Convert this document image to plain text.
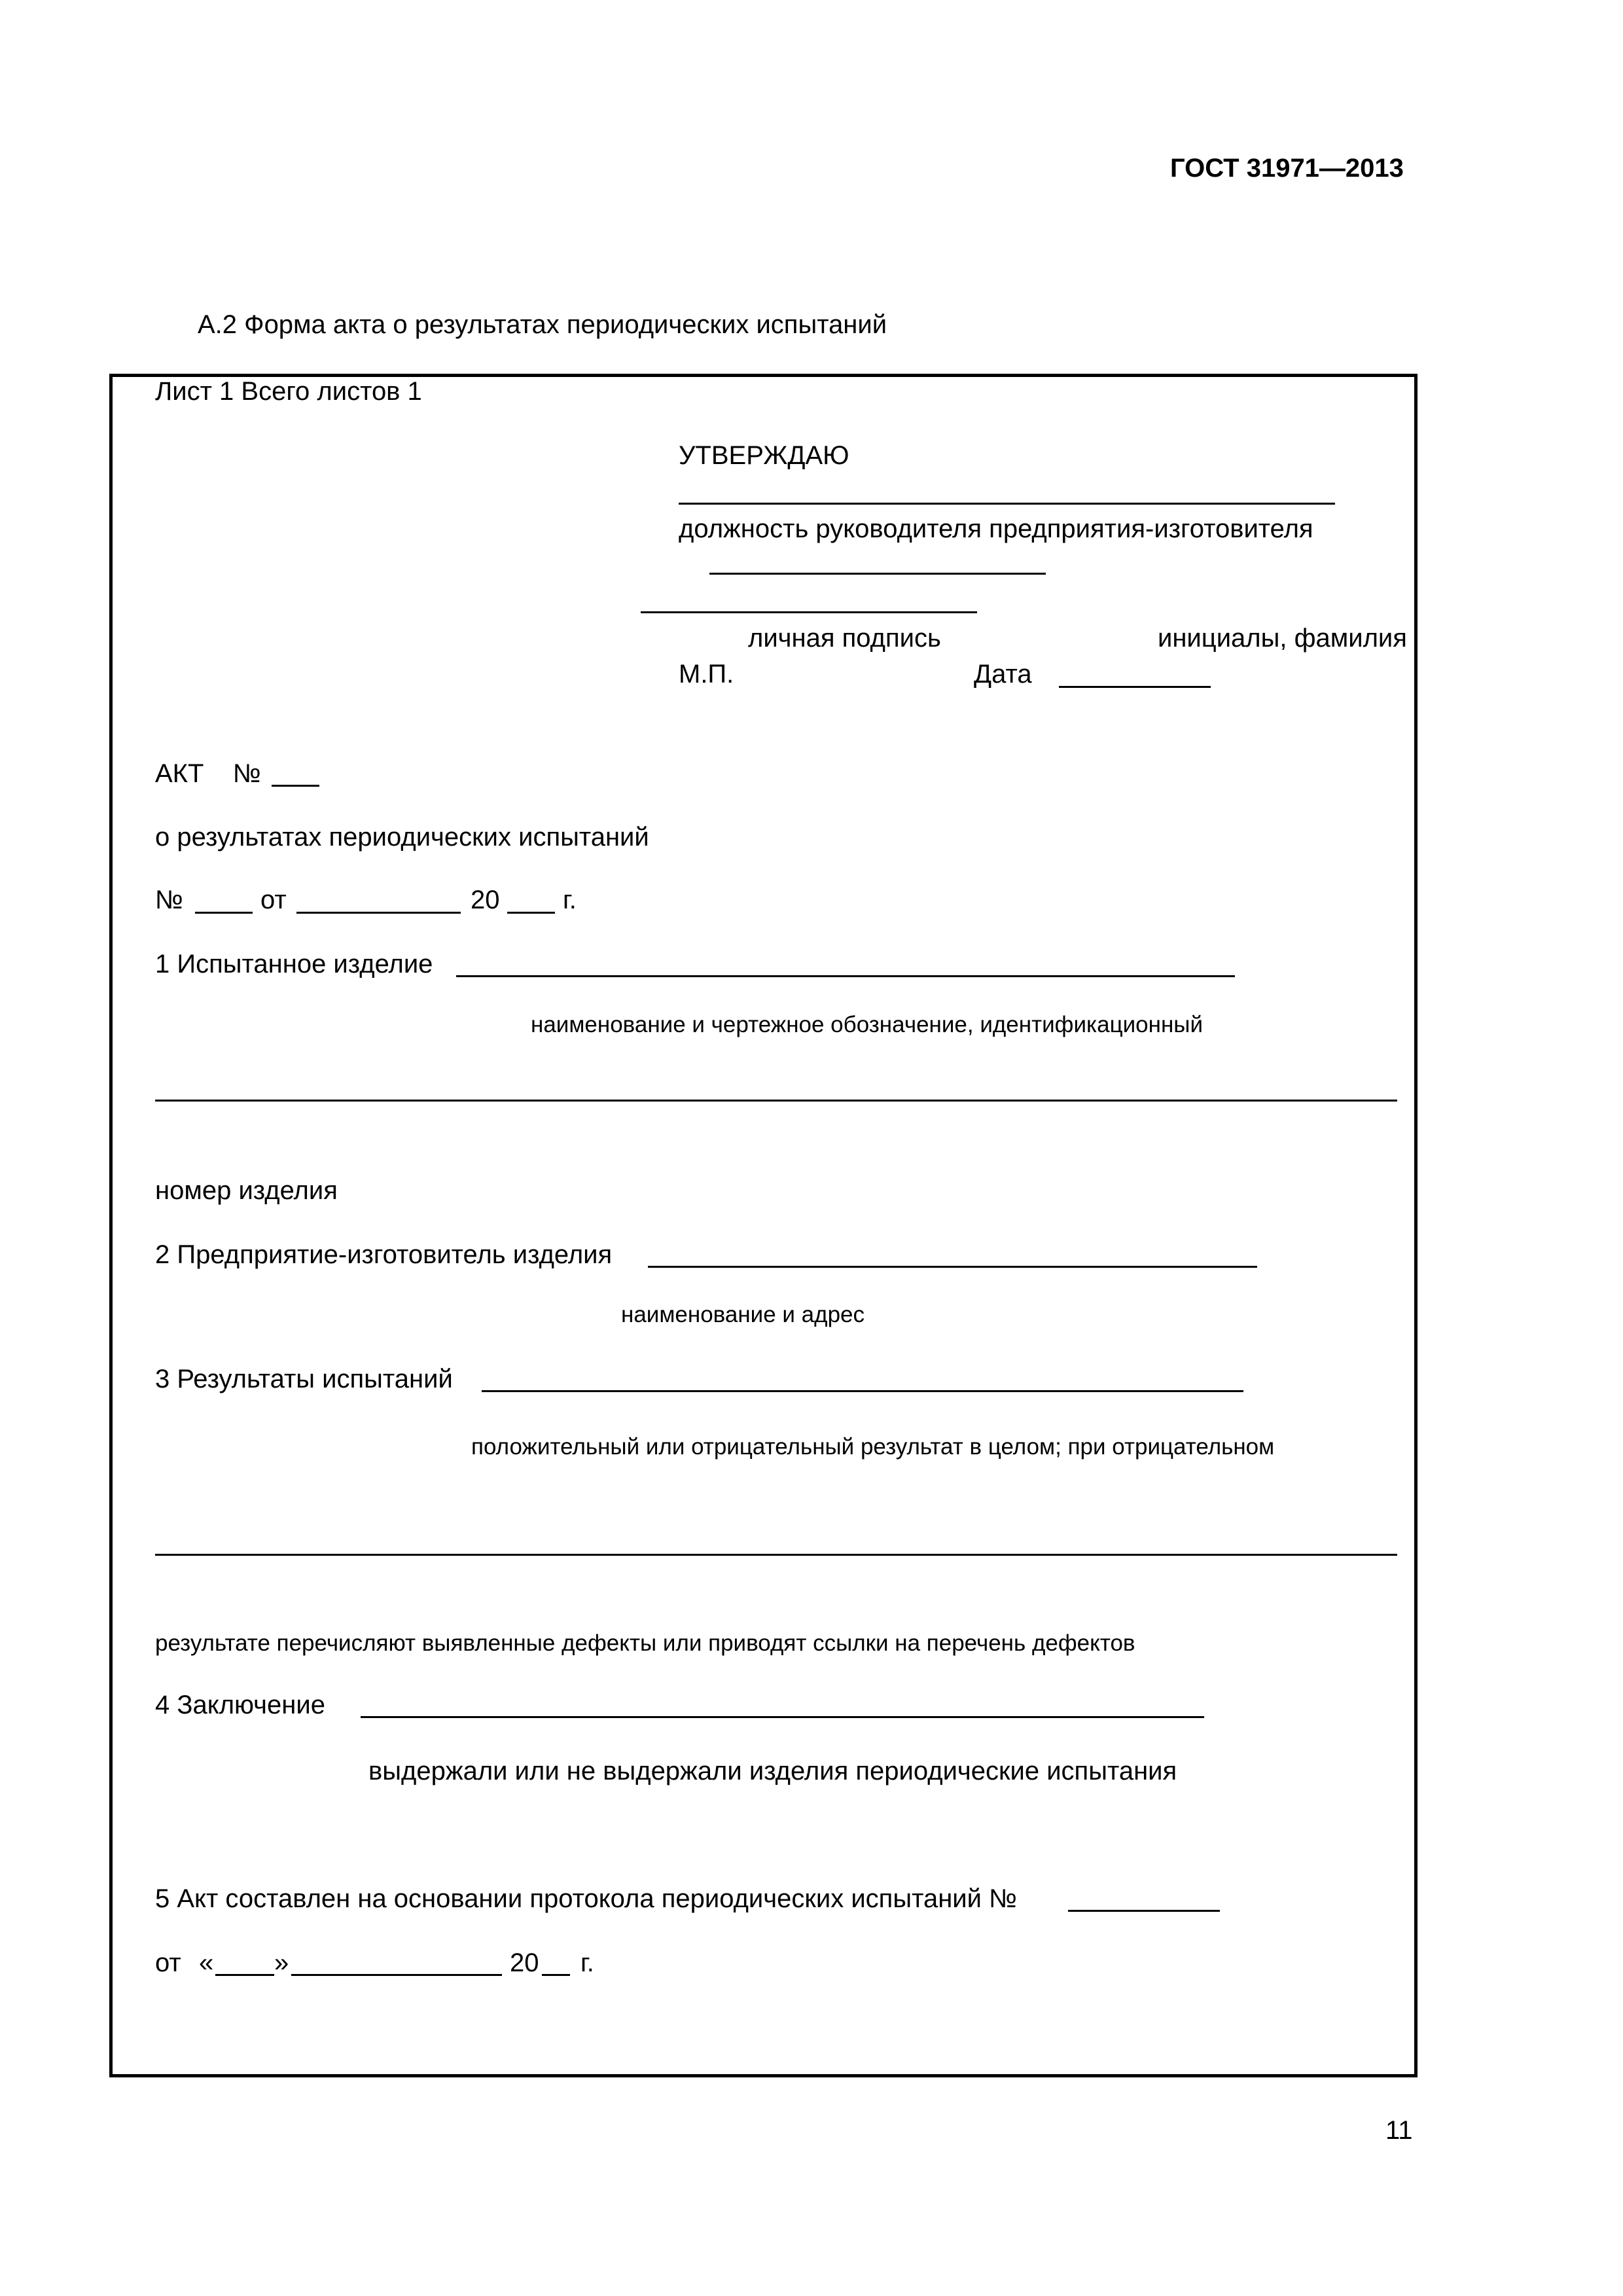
ГОСТ 31971—2013
А.2 Форма акта о результатах периодических испытаний
Лист 1 Всего листов 1
УТВЕРЖДАЮ
должность руководителя предприятия-изготовителя
личная подпись	инициалы, фамилия
М.П.	Дата
АКТ    №
о результатах периодических испытаний
№	от	20 г.
1 Испытанное изделие
наименование и чертежное обозначение, идентификационный
номер изделия
2 Предприятие-изготовитель изделия
наименование и адрес
3 Результаты испытаний
положительный или отрицательный результат в целом; при отрицательном
результате перечисляют выявленные дефекты или приводят ссылки на перечень дефектов
4 Заключение
выдержали или не выдержали изделия периодические испытания
5 Акт составлен на основании протокола периодических испытаний №
от « »	20 г.
11
